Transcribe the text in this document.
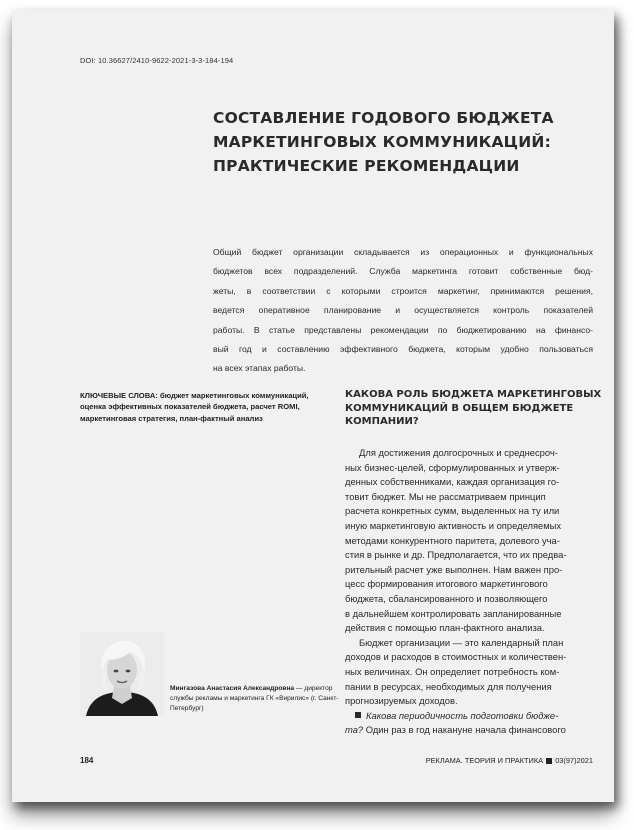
DOI: 10.36627/2410-9622-2021-3-3-184-194
СОСТАВЛЕНИЕ ГОДОВОГО БЮДЖЕТА
МАРКЕТИНГОВЫХ КОММУНИКАЦИЙ:
ПРАКТИЧЕСКИЕ РЕКОМЕНДАЦИИ
Общий бюджет организации складывается из операционных и функциональных
бюджетов всех подразделений. Служба маркетинга готовит собственные бюд-
жеты, в соответствии с которыми строится маркетинг, принимаются решения,
ведется оперативное планирование и осуществляется контроль показателей
работы. В статье представлены рекомендации по бюджетированию на финансо-
вый год и составлению эффективного бюджета, которым удобно пользоваться
на всех этапах работы.
КЛЮЧЕВЫЕ СЛОВА: бюджет маркетинговых коммуникаций,
оценка эффективных показателей бюджета, расчет ROMI,
маркетинговая стратегия, план-фактный анализ
КАКОВА РОЛЬ БЮДЖЕТА МАРКЕТИНГОВЫХ
КОММУНИКАЦИЙ В ОБЩЕМ БЮДЖЕТЕ
КОМПАНИИ?
Для достижения долгосрочных и среднесроч-
ных бизнес-целей, сформулированных и утверж-
денных собственниками, каждая организация го-
товит бюджет. Мы не рассматриваем принцип
расчета конкретных сумм, выделенных на ту или
иную маркетинговую активность и определяемых
методами конкурентного паритета, долевого уча-
стия в рынке и др. Предполагается, что их предва-
рительный расчет уже выполнен. Нам важен про-
цесс формирования итогового маркетингового
бюджета, сбалансированного и позволяющего
в дальнейшем контролировать запланированные
действия с помощью план-фактного анализа.
Бюджет организации — это календарный план
доходов и расходов в стоимостных и количествен-
ных величинах. Он определяет потребность ком-
пании в ресурсах, необходимых для получения
прогнозируемых доходов.
Какова периодичность подготовки бюдже-
та? Один раз в год накануне начала финансового
Мингазова Анастасия Александровна — директор
службы рекламы и маркетинга ГК «Вирилис» (г. Санкт-
Петербург)
184	РЕКЛАМА. ТЕОРИЯ И ПРАКТИКА 03(97)2021
